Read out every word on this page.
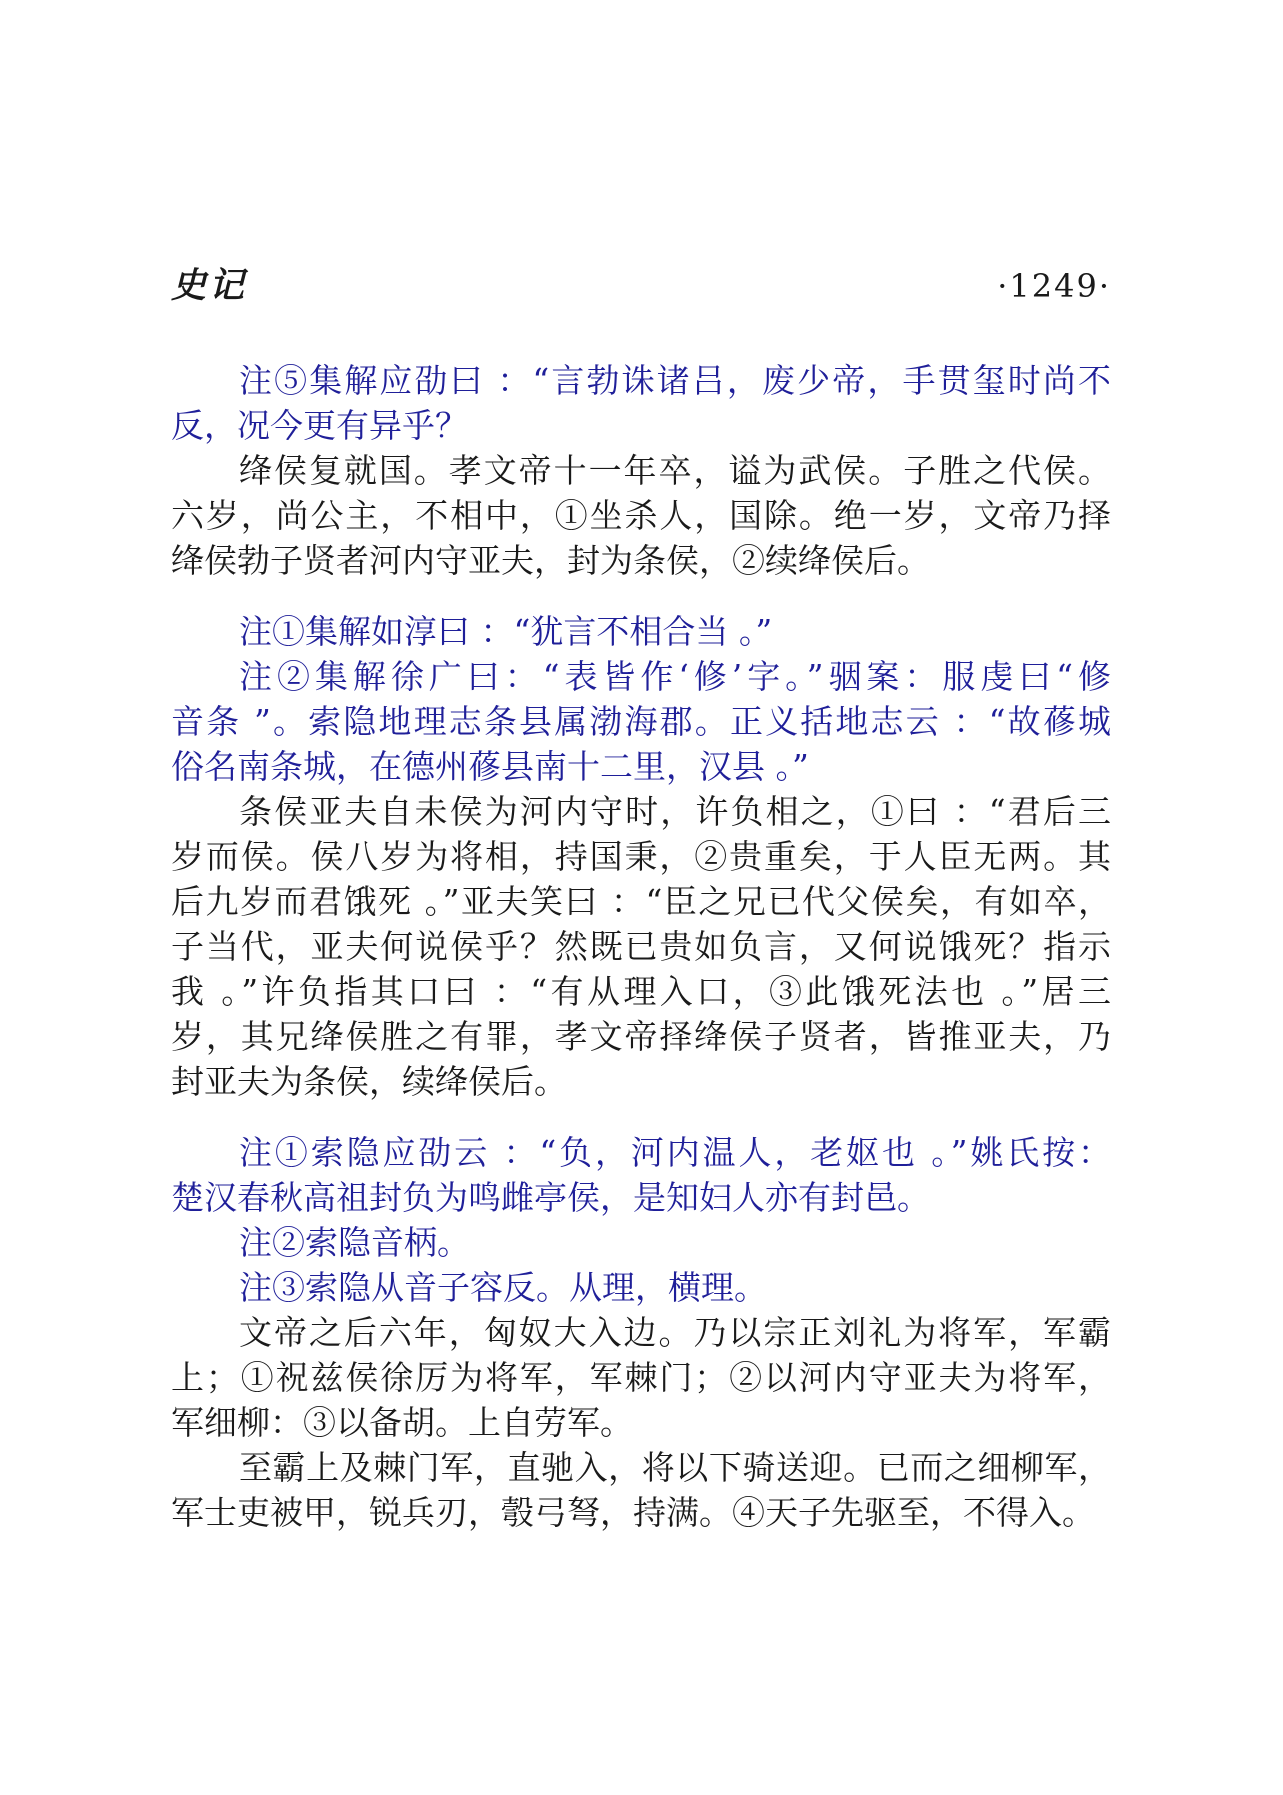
史记	·1249·
注⑤集解应劭曰 ：“言勃诛诸吕，废少帝，手贯玺时尚不
反，况今更有异乎？
绛侯复就国。孝文帝十一年卒，谥为武侯。子胜之代侯。
六岁，尚公主，不相中，①坐杀人，国除。绝一岁，文帝乃择
绛侯勃子贤者河内守亚夫，封为条侯，②续绛侯后。
注①集解如淳曰 ：“犹言不相合当 。”
注②集解徐广曰：“表皆作‘修’字。”骃案：服虔曰“修
音条 ”。索隐地理志条县属渤海郡。正义括地志云 ：“故蓚城
俗名南条城，在德州蓚县南十二里，汉县 。”
条侯亚夫自未侯为河内守时，许负相之，①曰 ：“君后三
岁而侯。侯八岁为将相，持国秉，②贵重矣，于人臣无两。其
后九岁而君饿死 。”亚夫笑曰 ：“臣之兄已代父侯矣，有如卒，
子当代，亚夫何说侯乎？然既已贵如负言，又何说饿死？指示
我 。”许负指其口曰 ：“有从理入口，③此饿死法也 。”居三
岁，其兄绛侯胜之有罪，孝文帝择绛侯子贤者，皆推亚夫，乃
封亚夫为条侯，续绛侯后。
注①索隐应劭云 ：“负，河内温人，老妪也 。”姚氏按：
楚汉春秋高祖封负为鸣雌亭侯，是知妇人亦有封邑。
注②索隐音柄。
注③索隐从音子容反。从理，横理。
文帝之后六年，匈奴大入边。乃以宗正刘礼为将军，军霸
上；①祝兹侯徐厉为将军，军棘门；②以河内守亚夫为将军，
军细柳：③以备胡。上自劳军。
至霸上及棘门军，直驰入，将以下骑送迎。已而之细柳军，
军士吏被甲，锐兵刃，彀弓弩，持满。④天子先驱至，不得入。
